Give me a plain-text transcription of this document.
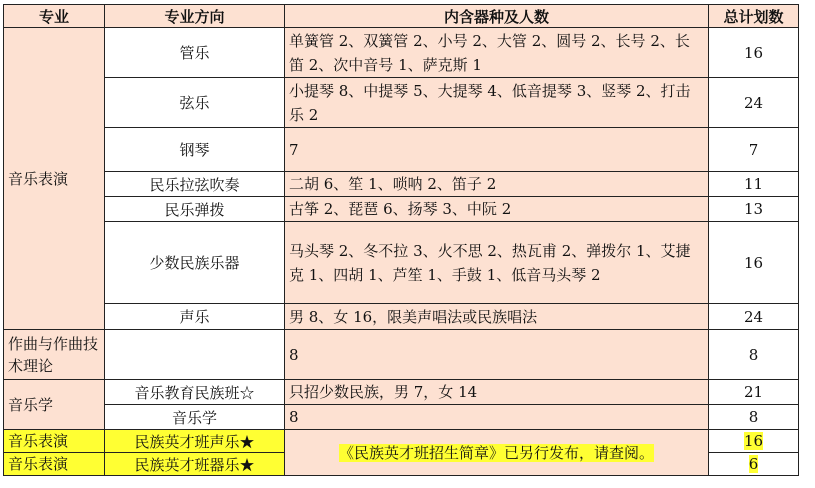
专业	专业方向	内含器种及人数	总计划数
音乐表演	管乐	单簧管 2、双簧管 2、小号 2、大管 2、圆号 2、长号 2、长笛 2、次中音号 1、萨克斯 1	16
	弦乐	小提琴 8、中提琴 5、大提琴 4、低音提琴 3、竖琴 2、打击乐 2	24
	钢琴	7	7
	民乐拉弦吹奏	二胡 6、笙 1、唢呐 2、笛子 2	11
	民乐弹拨	古筝 2、琵琶 6、扬琴 3、中阮 2	13
	少数民族乐器	马头琴 2、冬不拉 3、火不思 2、热瓦甫 2、弹拨尔 1、艾捷克 1、四胡 1、芦笙 1、手鼓 1、低音马头琴 2	16
	声乐	男 8、女 16，限美声唱法或民族唱法	24
作曲与作曲技术理论		8	8
音乐学	音乐教育民族班☆	只招少数民族，男 7，女 14	21
	音乐学	8	8
音乐表演	民族英才班声乐★	《民族英才班招生简章》已另行发布，请查阅。	16
音乐表演	民族英才班器乐★		6
